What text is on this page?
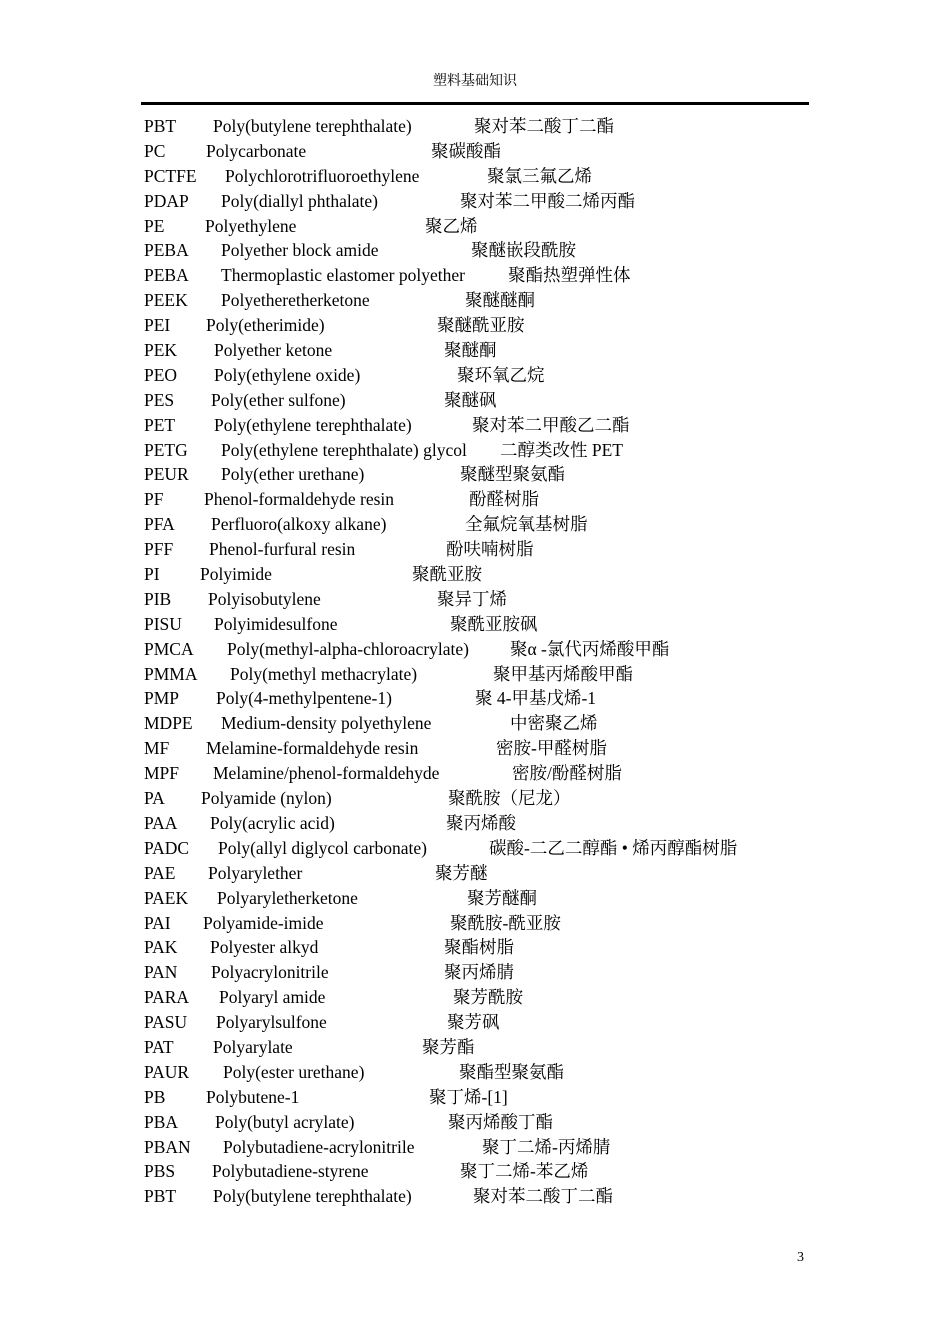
塑料基础知识
PBT Poly(butylene terephthalate)	聚对苯二酸丁二酯
PC Polycarbonate	聚碳酸酯
PCTFE Polychlorotrifluoroethylene	聚氯三氟乙烯
PDAP Poly(diallyl phthalate)	聚对苯二甲酸二烯丙酯
PE Polyethylene	聚乙烯
PEBA Polyether block amide	聚醚嵌段酰胺
PEBA Thermoplastic elastomer polyether 聚酯热塑弹性体
PEEK Polyetheretherketone	聚醚醚酮
PEI Poly(etherimide)	聚醚酰亚胺
PEK Polyether ketone	聚醚酮
PEO Poly(ethylene oxide)	聚环氧乙烷
PES Poly(ether sulfone)	聚醚砜
PET Poly(ethylene terephthalate)	聚对苯二甲酸乙二酯
PETG Poly(ethylene terephthalate) glycol 二醇类改性 PET
PEUR Poly(ether urethane)	聚醚型聚氨酯
PF Phenol-formaldehyde resin	酚醛树脂
PFA Perfluoro(alkoxy alkane)	全氟烷氧基树脂
PFF Phenol-furfural resin	酚呋喃树脂
PI Polyimide	聚酰亚胺
PIB Polyisobutylene	聚异丁烯
PISU Polyimidesulfone	聚酰亚胺砜
PMCA Poly(methyl-alpha-chloroacrylate) 聚α -氯代丙烯酸甲酯
PMMA Poly(methyl methacrylate)	聚甲基丙烯酸甲酯
PMP Poly(4-methylpentene-1)	聚 4-甲基戊烯-1
MDPE Medium-density polyethylene	中密聚乙烯
MF Melamine-formaldehyde resin	密胺-甲醛树脂
MPF Melamine/phenol-formaldehyde	密胺/酚醛树脂
PA Polyamide (nylon)	聚酰胺（尼龙）
PAA Poly(acrylic acid)	聚丙烯酸
PADC Poly(allyl diglycol carbonate)	碳酸-二乙二醇酯 • 烯丙醇酯树脂
PAE Polyarylether	聚芳醚
PAEK Polyaryletherketone	聚芳醚酮
PAI Polyamide-imide	聚酰胺-酰亚胺
PAK Polyester alkyd	聚酯树脂
PAN Polyacrylonitrile	聚丙烯腈
PARA Polyaryl amide	聚芳酰胺
PASU Polyarylsulfone	聚芳砜
PAT Polyarylate	聚芳酯
PAUR Poly(ester urethane)	聚酯型聚氨酯
PB Polybutene-1	聚丁烯-[1]
PBA Poly(butyl acrylate)	聚丙烯酸丁酯
PBAN Polybutadiene-acrylonitrile	聚丁二烯-丙烯腈
PBS Polybutadiene-styrene	聚丁二烯-苯乙烯
PBT Poly(butylene terephthalate)	聚对苯二酸丁二酯
3
